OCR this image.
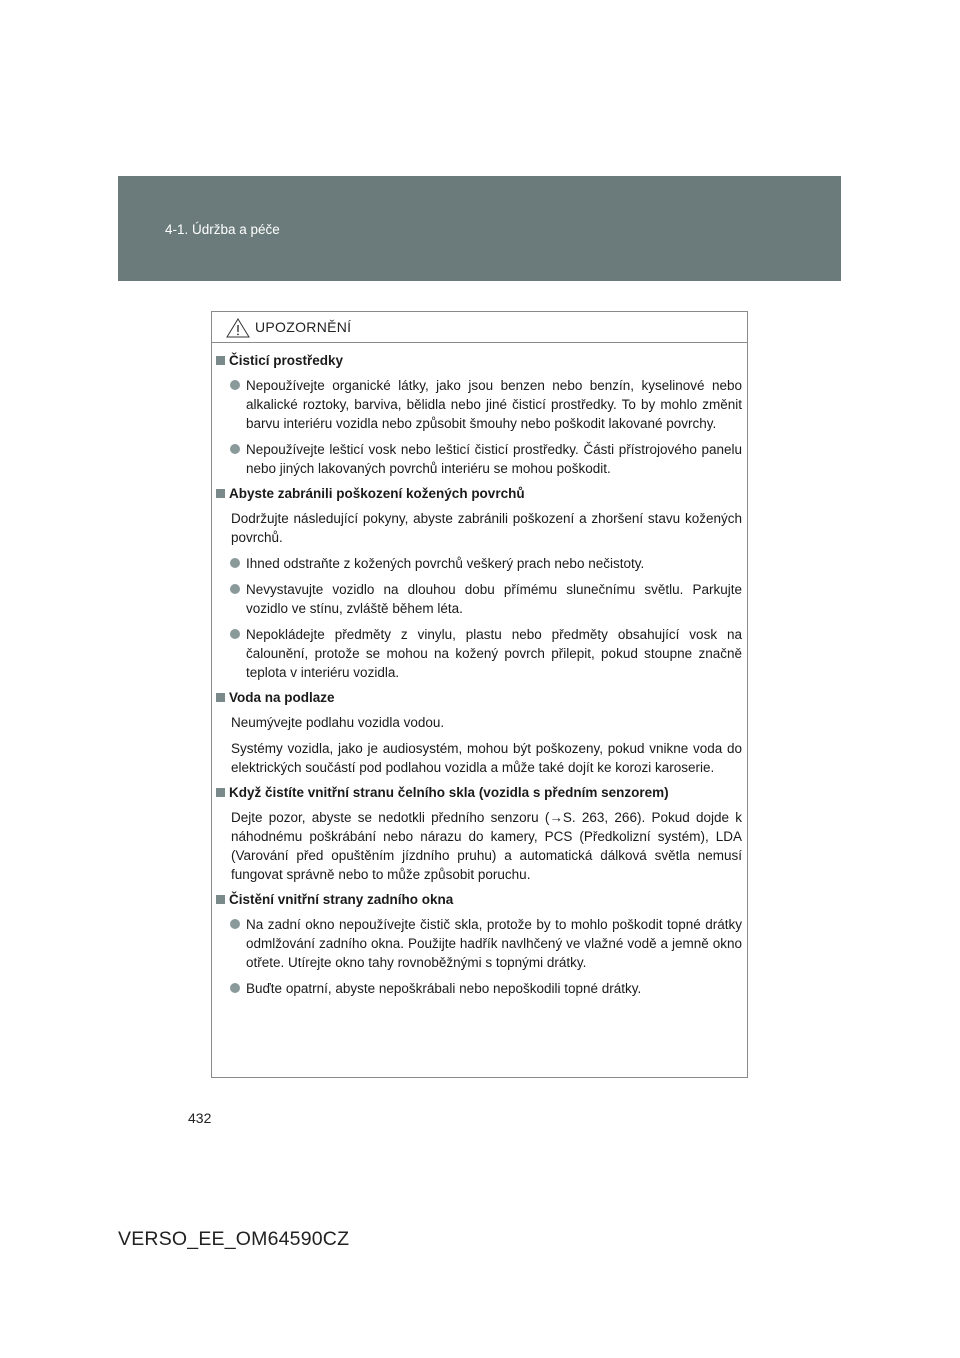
4-1. Údržba a péče
UPOZORNĚNÍ
Čisticí prostředky
Nepoužívejte organické látky, jako jsou benzen nebo benzín, kyselinové nebo alkalické roztoky, barviva, bělidla nebo jiné čisticí prostředky. To by mohlo změnit barvu interiéru vozidla nebo způsobit šmouhy nebo poškodit lakované povrchy.
Nepoužívejte lešticí vosk nebo lešticí čisticí prostředky. Části přístrojového panelu nebo jiných lakovaných povrchů interiéru se mohou poškodit.
Abyste zabránili poškození kožených povrchů
Dodržujte následující pokyny, abyste zabránili poškození a zhoršení stavu kožených povrchů.
Ihned odstraňte z kožených povrchů veškerý prach nebo nečistoty.
Nevystavujte vozidlo na dlouhou dobu přímému slunečnímu světlu. Parkujte vozidlo ve stínu, zvláště během léta.
Nepokládejte předměty z vinylu, plastu nebo předměty obsahující vosk na čalounění, protože se mohou na kožený povrch přilepit, pokud stoupne značně teplota v interiéru vozidla.
Voda na podlaze
Neumývejte podlahu vozidla vodou.
Systémy vozidla, jako je audiosystém, mohou být poškozeny, pokud vnikne voda do elektrických součástí pod podlahou vozidla a může také dojít ke korozi karoserie.
Když čistíte vnitřní stranu čelního skla (vozidla s předním senzorem)
Dejte pozor, abyste se nedotkli předního senzoru (→S. 263, 266). Pokud dojde k náhodnému poškrábání nebo nárazu do kamery, PCS (Předkolizní systém), LDA (Varování před opuštěním jízdního pruhu) a automatická dálková světla nemusí fungovat správně nebo to může způsobit poruchu.
Čistění vnitřní strany zadního okna
Na zadní okno nepoužívejte čistič skla, protože by to mohlo poškodit topné drátky odmlžování zadního okna. Použijte hadřík navlhčený ve vlažné vodě a jemně okno otřete. Utírejte okno tahy rovnoběžnými s topnými drátky.
Buďte opatrní, abyste nepoškrábali nebo nepoškodili topné drátky.
432
VERSO_EE_OM64590CZ
